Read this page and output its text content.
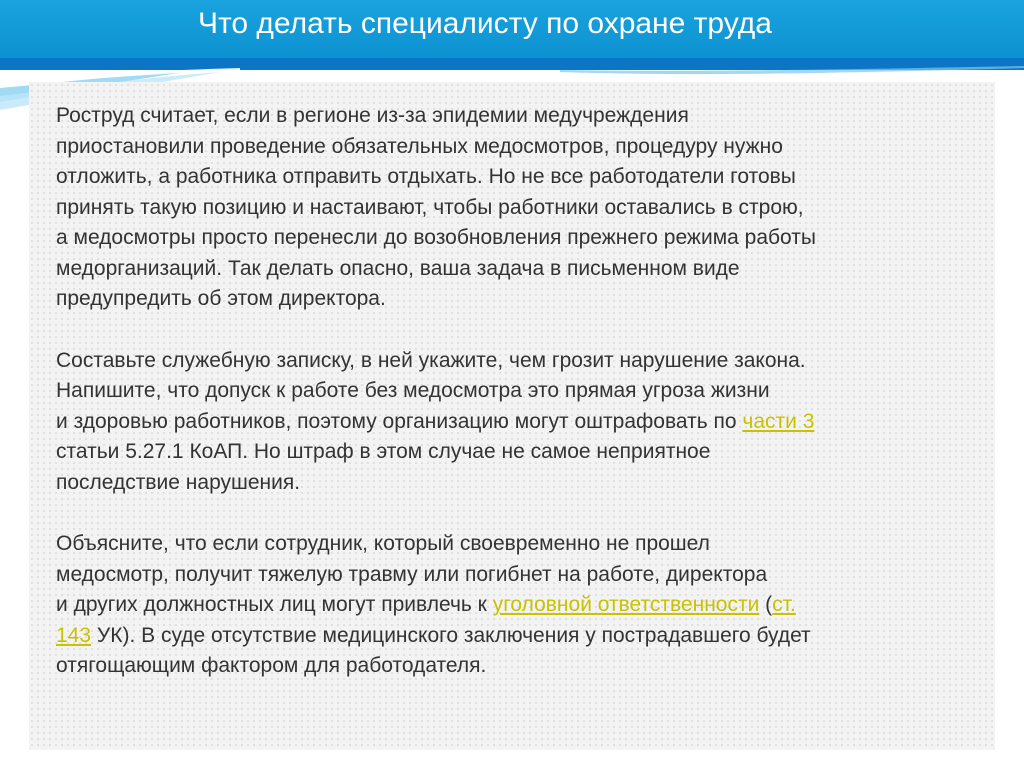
Что делать специалисту по охране труда

Роструд считает, если в регионе из-за эпидемии медучреждения
приостановили проведение обязательных медосмотров, процедуру нужно
отложить, а работника отправить отдыхать. Но не все работодатели готовы
принять такую позицию и настаивают, чтобы работники оставались в строю,
а медосмотры просто перенесли до возобновления прежнего режима работы
медорганизаций. Так делать опасно, ваша задача в письменном виде
предупредить об этом директора.

Составьте служебную записку, в ней укажите, чем грозит нарушение закона.
Напишите, что допуск к работе без медосмотра это прямая угроза жизни
и здоровью работников, поэтому организацию могут оштрафовать по части 3
статьи 5.27.1 КоАП. Но штраф в этом случае не самое неприятное
последствие нарушения.

Объясните, что если сотрудник, который своевременно не прошел
медосмотр, получит тяжелую травму или погибнет на работе, директора
и других должностных лиц могут привлечь к уголовной ответственности (ст.
143 УК). В суде отсутствие медицинского заключения у пострадавшего будет
отягощающим фактором для работодателя.
